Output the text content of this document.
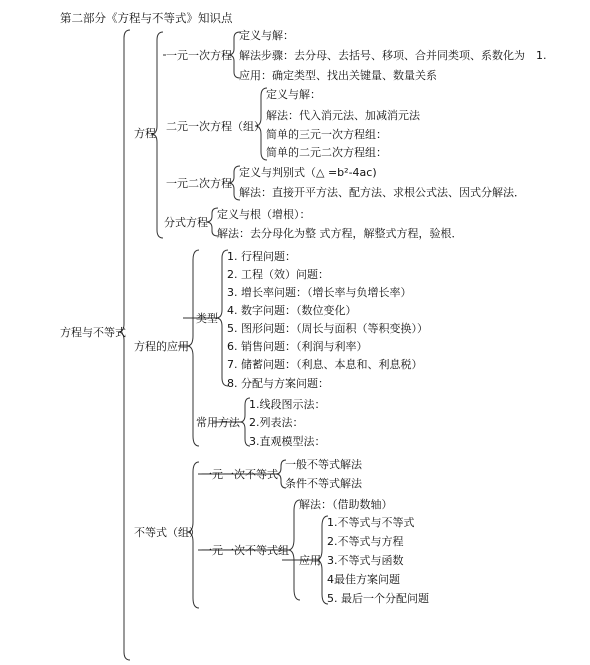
第二部分《方程与不等式》知识点
方程与不等式
方程
一元一次方程
定义与解：
解法步骤：去分母、去括号、移项、合并同类项、系数化为　1.
应用：确定类型、找出关键量、数量关系
二元一次方程（组）
定义与解：
解法：代入消元法、加减消元法
简单的三元一次方程组：
简单的二元二次方程组：
一元二次方程
定义与判别式（△ =b²-4ac)
解法：直接开平方法、配方法、求根公式法、因式分解法．
分式方程
定义与根（增根）：
解法：去分母化为整 式方程，解整式方程，验根．
方程的应用
类型
1. 行程问题：
2. 工程（效）问题：
3. 增长率问题：（增长率与负增长率）
4. 数字问题：（数位变化）
5. 图形问题：（周长与面积（等积变换））
6. 销售问题：（利润与利率）
7. 储蓄问题：（利息、本息和、利息税）
8. 分配与方案问题：
常用方法
1.线段图示法：
2.列表法：
3.直观模型法：
不等式（组）
一元一次不等式
一般不等式解法
条件不等式解法
一元一次不等式组
解法：（借助数轴）
应用
1.不等式与不等式
2.不等式与方程
3.不等式与函数
4最佳方案问题
5. 最后一个分配问题
